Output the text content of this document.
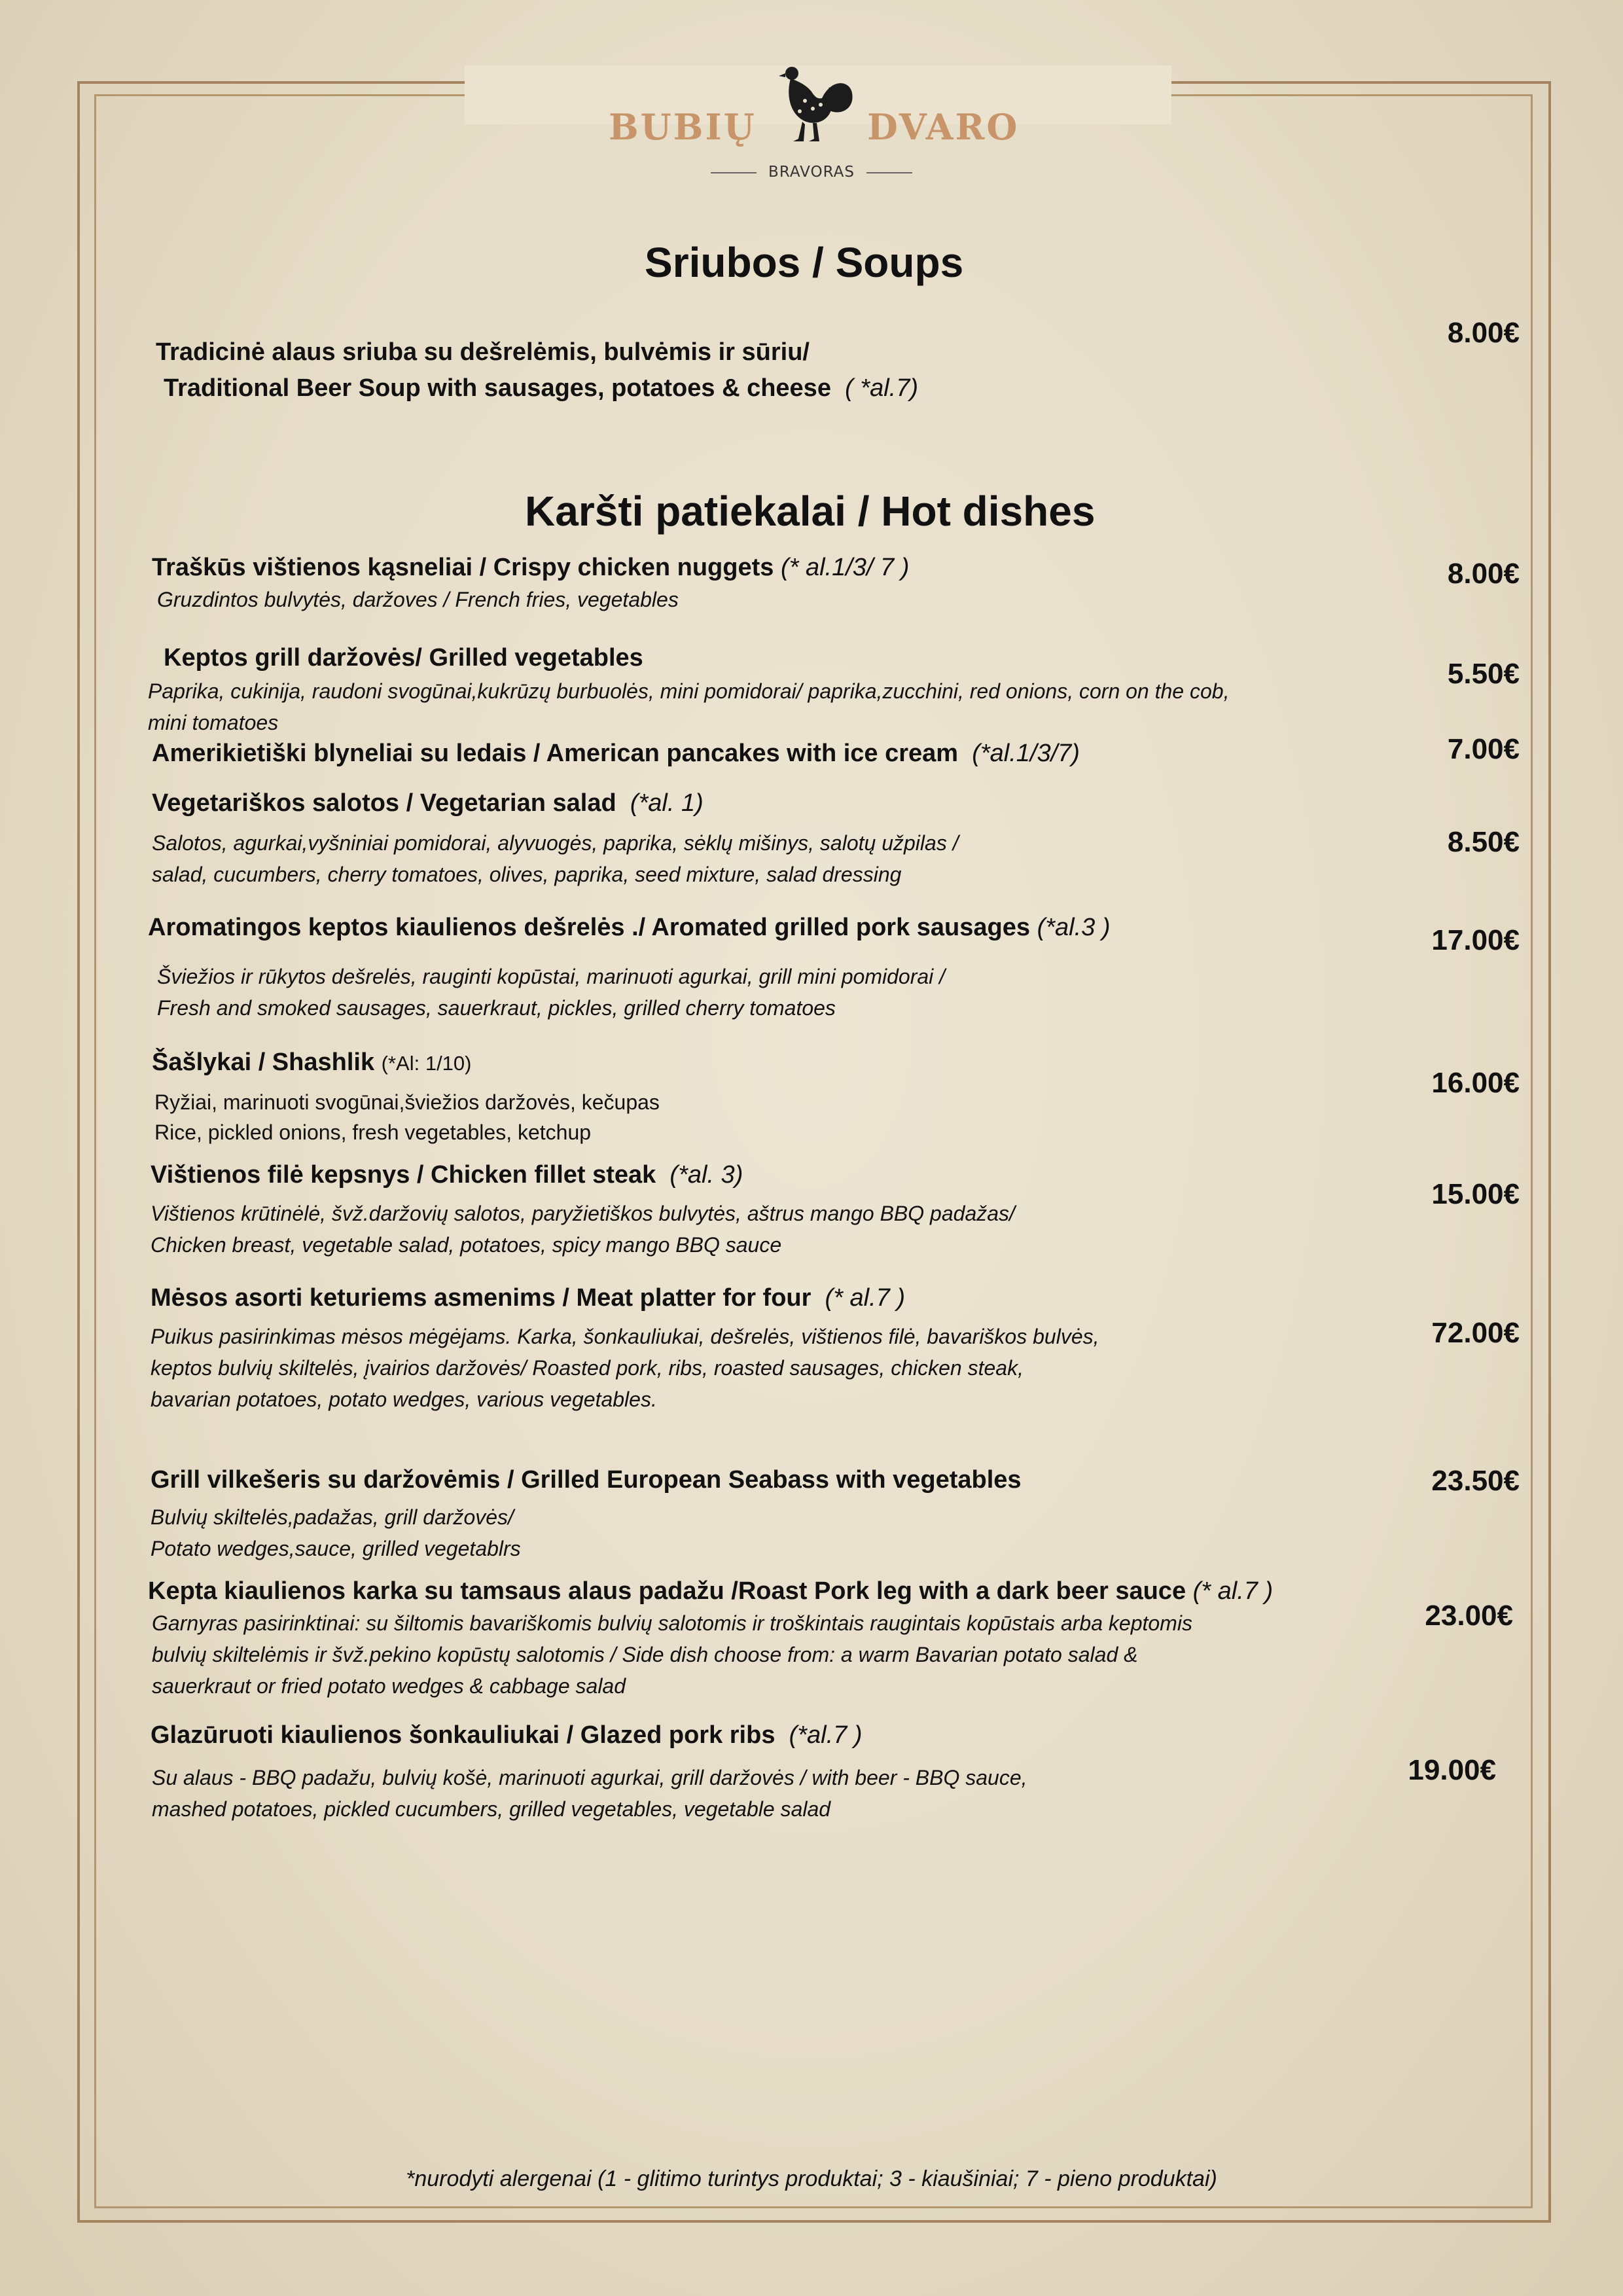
BUBIŲ	DVARO
BRAVORAS
Sriubos / Soups
Tradicinė alaus sriuba su dešrelėmis, bulvėmis ir sūriu/
Traditional Beer Soup with sausages, potatoes & cheese ( *al.7)
8.00€
Karšti patiekalai / Hot dishes
Traškūs vištienos kąsneliai / Crispy chicken nuggets (* al.1/3/ 7 )
Gruzdintos bulvytės, daržoves / French fries, vegetables
8.00€
Keptos grill daržovės/ Grilled vegetables
Paprika, cukinija, raudoni svogūnai,kukrūzų burbuolės, mini pomidorai/ paprika,zucchini, red onions, corn on the cob,
mini tomatoes
5.50€
Amerikietiški blyneliai su ledais / American pancakes with ice cream (*al.1/3/7)	7.00€
Vegetariškos salotos / Vegetarian salad (*al. 1)
Salotos, agurkai,vyšniniai pomidorai, alyvuogės, paprika, sėklų mišinys, salotų užpilas /
salad, cucumbers, cherry tomatoes, olives, paprika, seed mixture, salad dressing
8.50€
Aromatingos keptos kiaulienos dešrelės ./ Aromated grilled pork sausages (*al.3 )
Šviežios ir rūkytos dešrelės, rauginti kopūstai, marinuoti agurkai, grill mini pomidorai /
Fresh and smoked sausages, sauerkraut, pickles, grilled cherry tomatoes
17.00€
Šašlykai / Shashlik (*Al: 1/10)
Ryžiai, marinuoti svogūnai,šviežios daržovės, kečupas
Rice, pickled onions, fresh vegetables, ketchup
16.00€
Vištienos filė kepsnys / Chicken fillet steak (*al. 3)
Vištienos krūtinėlė, švž.daržovių salotos, paryžietiškos bulvytės, aštrus mango BBQ padažas/
Chicken breast, vegetable salad, potatoes, spicy mango BBQ sauce
15.00€
Mėsos asorti keturiems asmenims / Meat platter for four (* al.7 )
Puikus pasirinkimas mėsos mėgėjams. Karka, šonkauliukai, dešrelės, vištienos filė, bavariškos bulvės,
keptos bulvių skiltelės, įvairios daržovės/ Roasted pork, ribs, roasted sausages, chicken steak,
bavarian potatoes, potato wedges, various vegetables.
72.00€
Grill vilkešeris su daržovėmis / Grilled European Seabass with vegetables
Bulvių skiltelės,padažas, grill daržovės/
Potato wedges,sauce, grilled vegetablrs
23.50€
Kepta kiaulienos karka su tamsaus alaus padažu /Roast Pork leg with a dark beer sauce (* al.7 )
Garnyras pasirinktinai: su šiltomis bavariškomis bulvių salotomis ir troškintais raugintais kopūstais arba keptomis
bulvių skiltelėmis ir švž.pekino kopūstų salotomis / Side dish choose from: a warm Bavarian potato salad &
sauerkraut or fried potato wedges & cabbage salad
23.00€
Glazūruoti kiaulienos šonkauliukai / Glazed pork ribs (*al.7 )
Su alaus - BBQ padažu, bulvių košė, marinuoti agurkai, grill daržovės / with beer - BBQ sauce,
mashed potatoes, pickled cucumbers, grilled vegetables, vegetable salad
19.00€
*nurodyti alergenai (1 - glitimo turintys produktai; 3 - kiaušiniai; 7 - pieno produktai)
